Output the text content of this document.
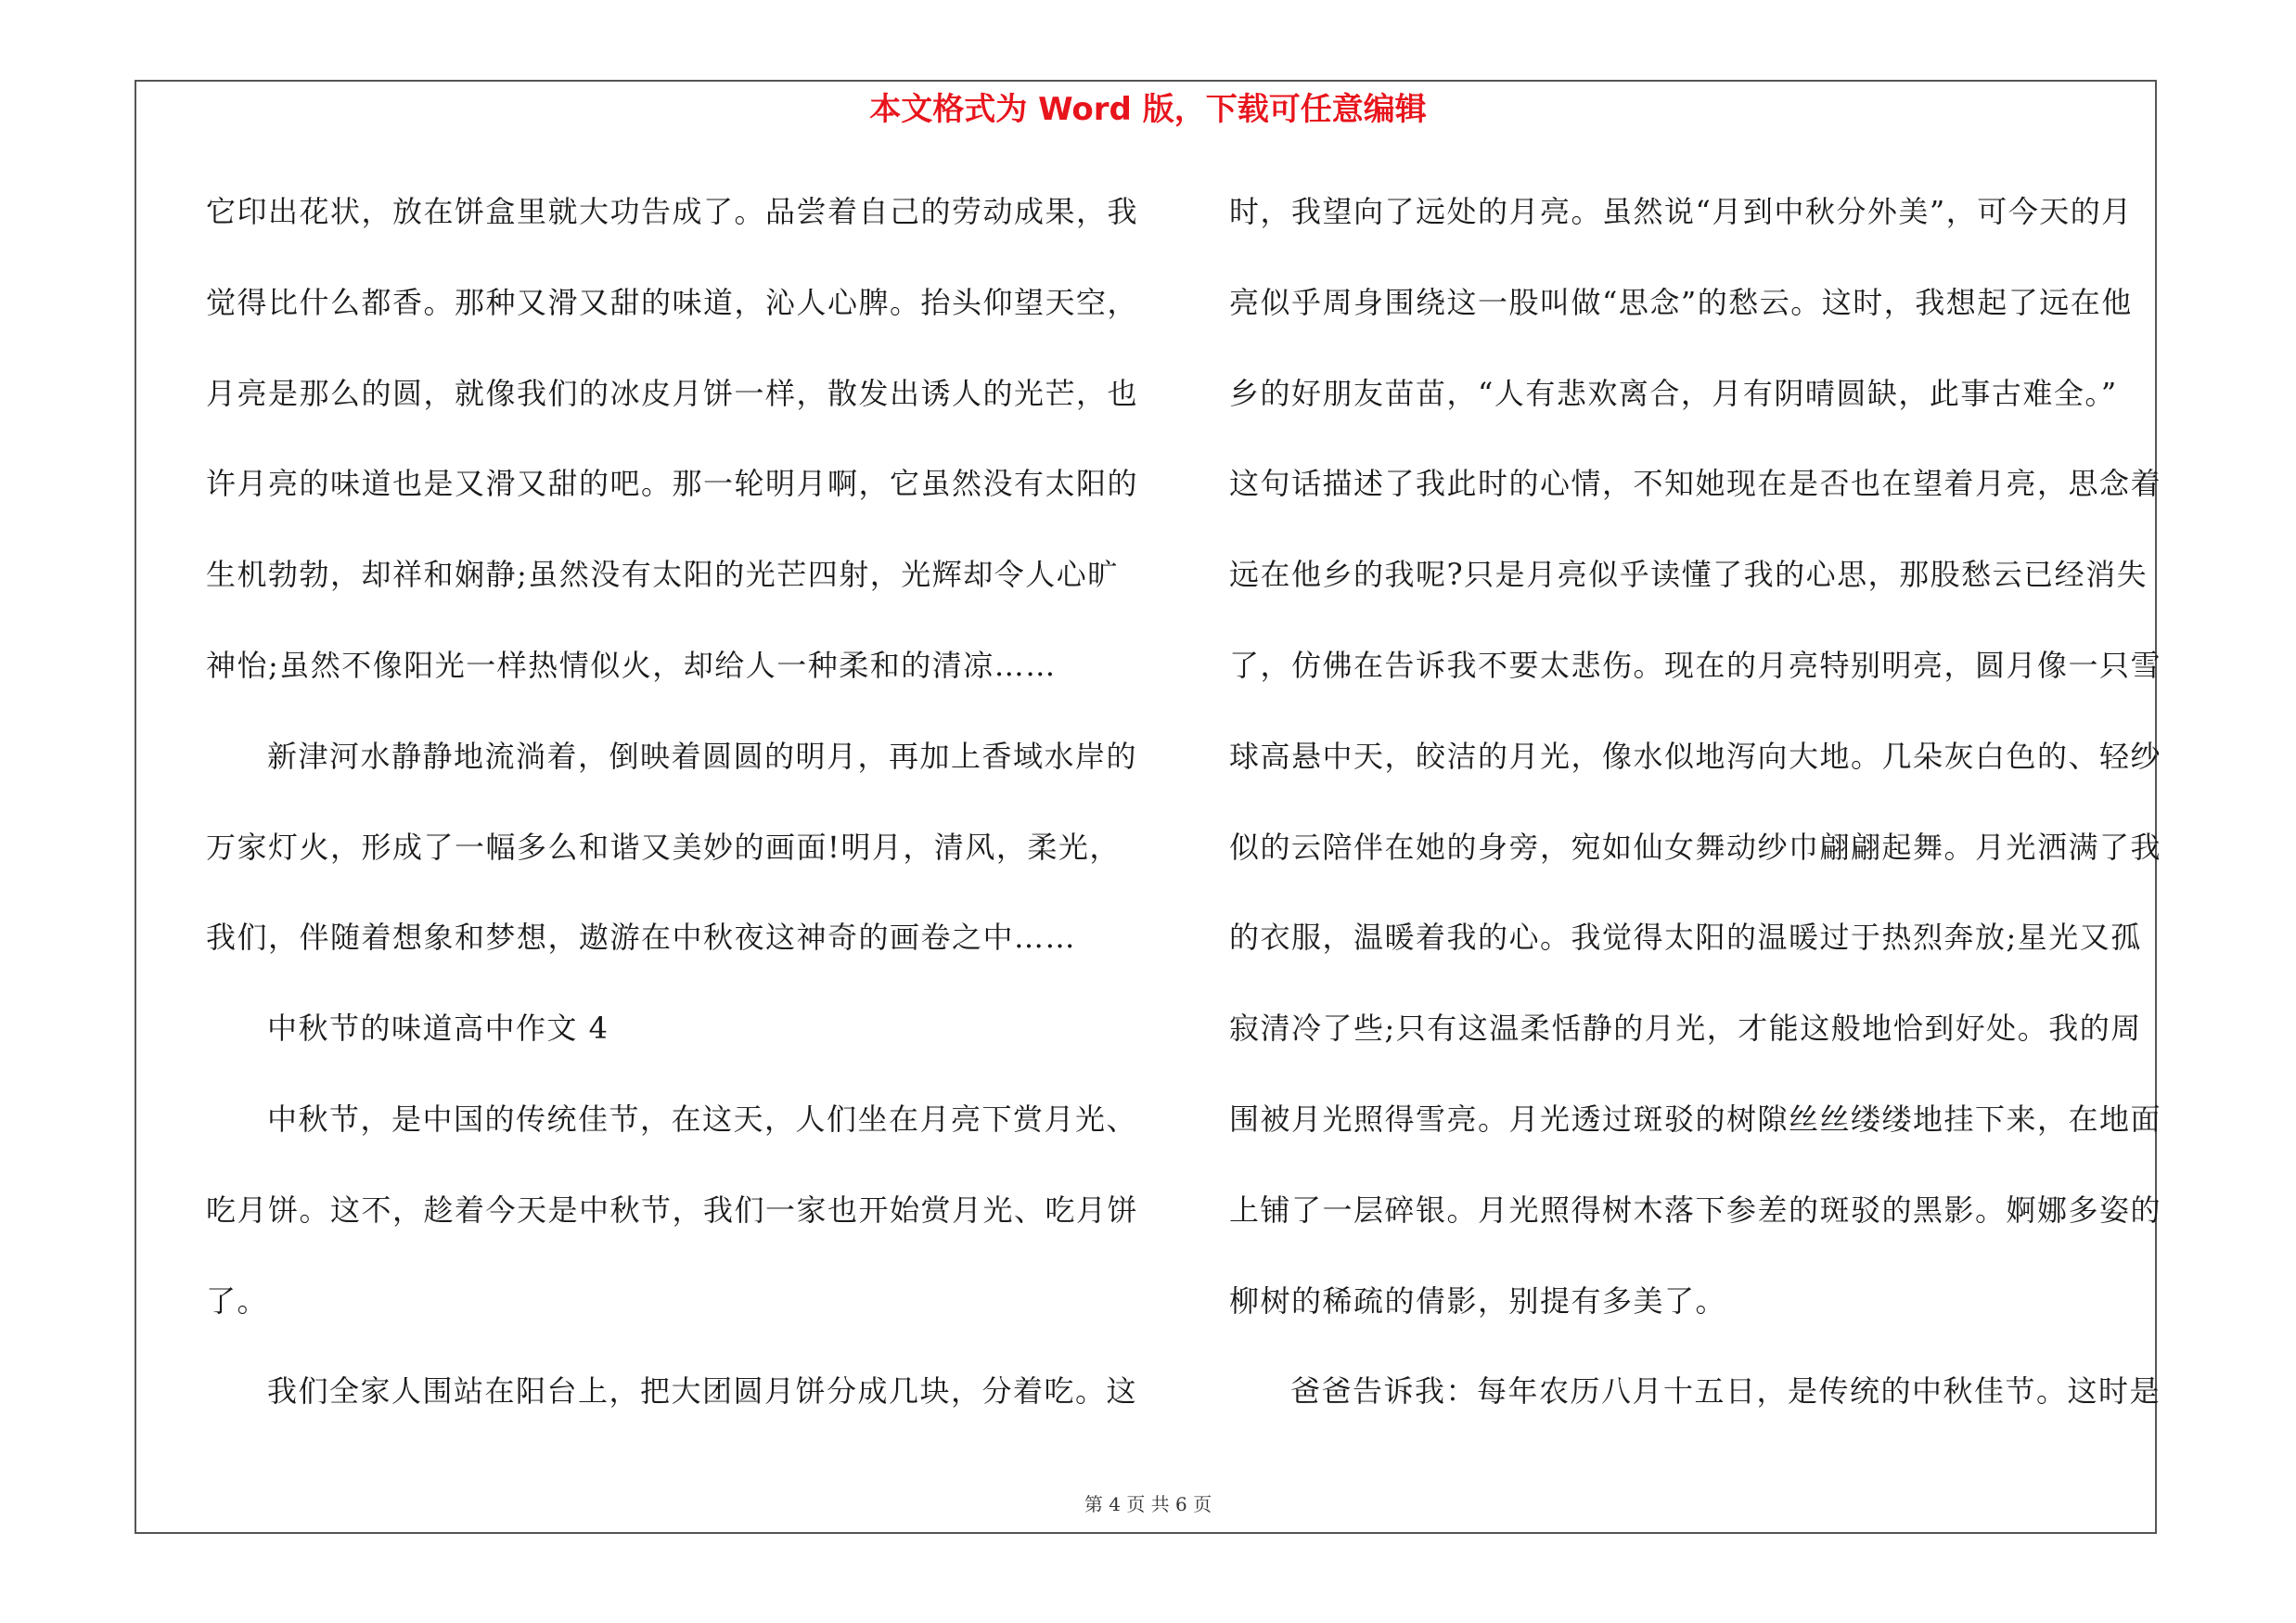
本文格式为 Word 版，下载可任意编辑
它印出花状，放在饼盒里就大功告成了。品尝着自己的劳动成果，我
觉得比什么都香。那种又滑又甜的味道，沁人心脾。抬头仰望天空，
月亮是那么的圆，就像我们的冰皮月饼一样，散发出诱人的光芒，也
许月亮的味道也是又滑又甜的吧。那一轮明月啊，它虽然没有太阳的
生机勃勃，却祥和娴静;虽然没有太阳的光芒四射，光辉却令人心旷
神怡;虽然不像阳光一样热情似火，却给人一种柔和的清凉……
新津河水静静地流淌着，倒映着圆圆的明月，再加上香域水岸的
万家灯火，形成了一幅多么和谐又美妙的画面!明月，清风，柔光，
我们，伴随着想象和梦想，遨游在中秋夜这神奇的画卷之中……
中秋节的味道高中作文 4
中秋节，是中国的传统佳节，在这天，人们坐在月亮下赏月光、
吃月饼。这不，趁着今天是中秋节，我们一家也开始赏月光、吃月饼
了。
我们全家人围站在阳台上，把大团圆月饼分成几块，分着吃。这
时，我望向了远处的月亮。虽然说“月到中秋分外美”，可今天的月
亮似乎周身围绕这一股叫做“思念”的愁云。这时，我想起了远在他
乡的好朋友苗苗，“人有悲欢离合，月有阴晴圆缺，此事古难全。”
这句话描述了我此时的心情，不知她现在是否也在望着月亮，思念着
远在他乡的我呢?只是月亮似乎读懂了我的心思，那股愁云已经消失
了，仿佛在告诉我不要太悲伤。现在的月亮特别明亮，圆月像一只雪
球高悬中天，皎洁的月光，像水似地泻向大地。几朵灰白色的、轻纱
似的云陪伴在她的身旁，宛如仙女舞动纱巾翩翩起舞。月光洒满了我
的衣服，温暖着我的心。我觉得太阳的温暖过于热烈奔放;星光又孤
寂清冷了些;只有这温柔恬静的月光，才能这般地恰到好处。我的周
围被月光照得雪亮。月光透过斑驳的树隙丝丝缕缕地挂下来，在地面
上铺了一层碎银。月光照得树木落下参差的斑驳的黑影。婀娜多姿的
柳树的稀疏的倩影，别提有多美了。
爸爸告诉我：每年农历八月十五日，是传统的中秋佳节。这时是
第 4 页 共 6 页
